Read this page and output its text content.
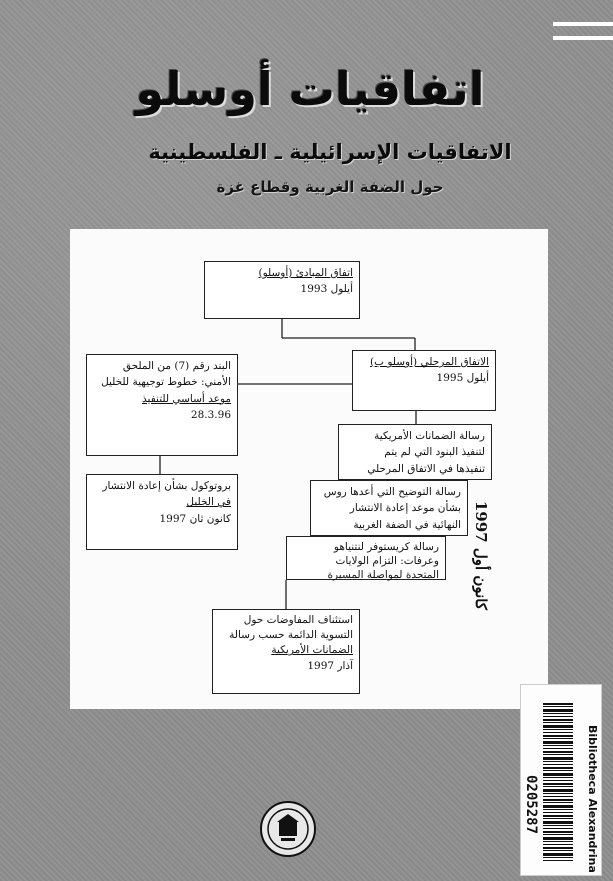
اتفاقيات أوسلو
الاتفاقيات الإسرائيلية ـ الفلسطينية
حول الضفة الغربية وقطاع غزة
اتفاق المبادئ (أوسلو)
أيلول 1993
الاتفاق المرحلي (أوسلو ب)
أيلول 1995
البند رقم (7) من الملحق
الأمني: خطوط توجيهية للخليل
موعد أساسي للتنفيذ
28.3.96
بروتوكول بشأن إعادة الانتشار
في الخليل
كانون ثان 1997
رسالة الضمانات الأمريكية
لتنفيذ البنود التي لم يتم
تنفيذها في الاتفاق المرحلي
رسالة التوضيح التي أعدها روس
بشأن موعد إعادة الانتشار
النهائية في الضفة الغربية
رسالة كريستوفر لنتنياهو
وعرفات: التزام الولايات
المتحدة لمواصلة المسيرة
استئناف المفاوضات حول
التسوية الدائمة حسب رسالة
الضمانات الأمريكية
آذار 1997
كانون أول 1997
0205287	Bibliotheca Alexandrina
